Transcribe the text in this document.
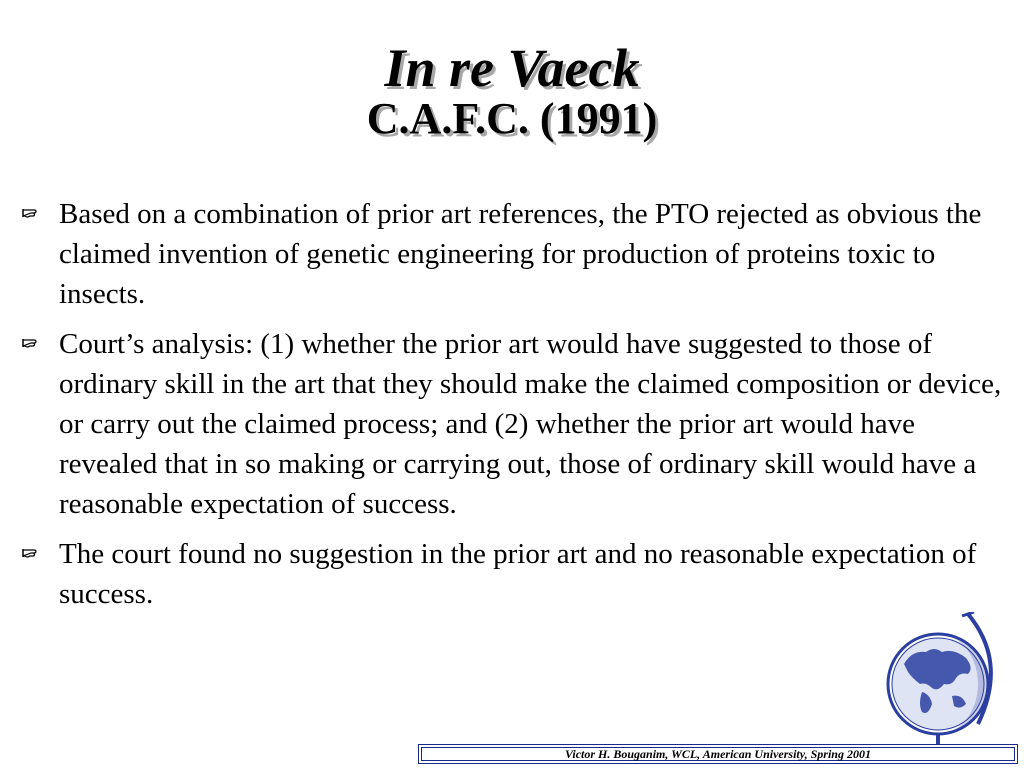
In re Vaeck
C.A.F.C. (1991)
Based on a combination of prior art references, the PTO rejected as obvious the claimed invention of genetic engineering for production of proteins toxic to insects.
Court’s analysis: (1) whether the prior art would have suggested to those of ordinary skill in the art that they should make the claimed composition or device, or carry out the claimed process; and (2) whether the prior art would have revealed that in so making or carrying out, those of ordinary skill would have a reasonable expectation of success.
The court found no suggestion in the prior art and no reasonable expectation of success.
Victor H. Bouganim, WCL, American University, Spring 2001
